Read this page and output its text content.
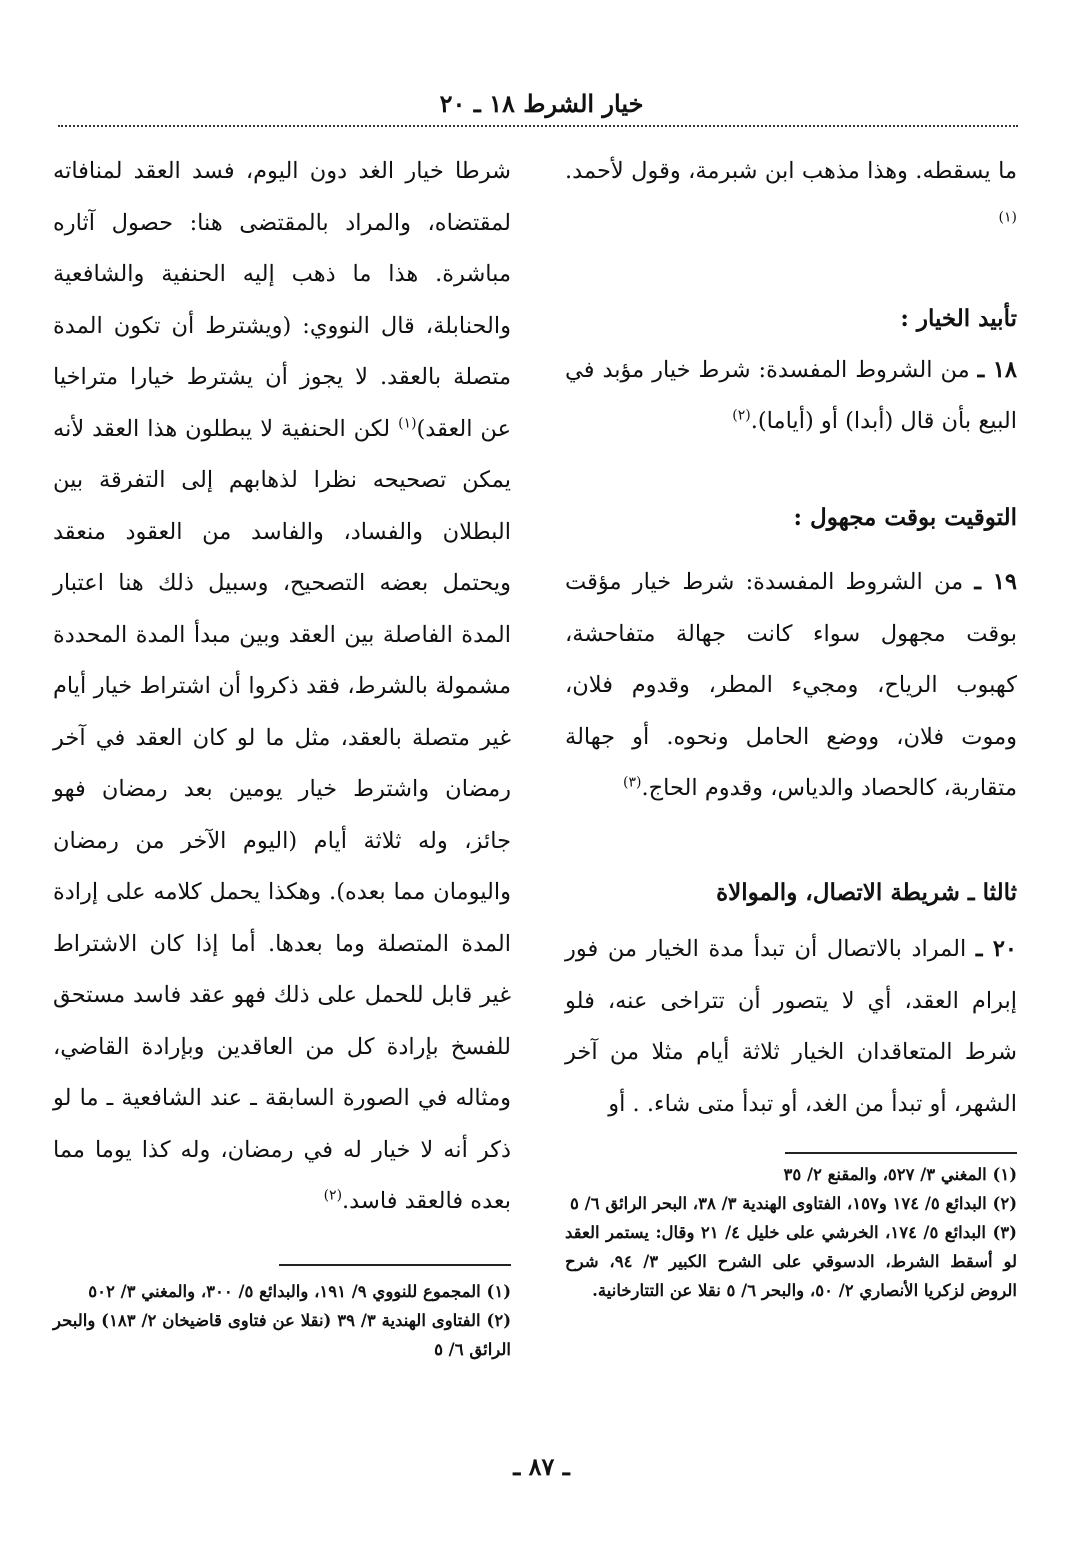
خيار الشرط ١٨ ـ ٢٠

ما يسقطه. وهذا مذهب ابن شبرمة، وقول لأحمد.$^{(١)}$

تأبيد الخيار :

١٨ ـ من الشروط المفسدة: شرط خيار مؤبد في البيع بأن قال (أبدا) أو (أياما).$^{(٢)}$

التوقيت بوقت مجهول :

١٩ ـ من الشروط المفسدة: شرط خيار مؤقت بوقت مجهول سواء كانت جهالة متفاحشة، كهبوب الرياح، ومجيء المطر، وقدوم فلان، وموت فلان، ووضع الحامل ونحوه. أو جهالة متقاربة، كالحصاد والدياس، وقدوم الحاج.$^{(٣)}$

ثالثا ـ شريطة الاتصال، والموالاة

٢٠ ـ المراد بالاتصال أن تبدأ مدة الخيار من فور إبرام العقد، أي لا يتصور أن تتراخى عنه، فلو شرط المتعاقدان الخيار ثلاثة أيام مثلا من آخر الشهر، أو تبدأ من الغد، أو تبدأ متى شاء. . أو

شرطا خيار الغد دون اليوم، فسد العقد لمنافاته لمقتضاه، والمراد بالمقتضى هنا: حصول آثاره مباشرة. هذا ما ذهب إليه الحنفية والشافعية والحنابلة، قال النووي: (ويشترط أن تكون المدة متصلة بالعقد. لا يجوز أن يشترط خيارا متراخيا عن العقد)$^{(١)}$ لكن الحنفية لا يبطلون هذا العقد لأنه يمكن تصحيحه نظرا لذهابهم إلى التفرقة بين البطلان والفساد، والفاسد من العقود منعقد ويحتمل بعضه التصحيح، وسبيل ذلك هنا اعتبار المدة الفاصلة بين العقد وبين مبدأ المدة المحددة مشمولة بالشرط، فقد ذكروا أن اشتراط خيار أيام غير متصلة بالعقد، مثل ما لو كان العقد في آخر رمضان واشترط خيار يومين بعد رمضان فهو جائز، وله ثلاثة أيام (اليوم الآخر من رمضان واليومان مما بعده). وهكذا يحمل كلامه على إرادة المدة المتصلة وما بعدها. أما إذا كان الاشتراط غير قابل للحمل على ذلك فهو عقد فاسد مستحق للفسخ بإرادة كل من العاقدين وبإرادة القاضي، ومثاله في الصورة السابقة ـ عند الشافعية ـ ما لو ذكر أنه لا خيار له في رمضان، وله كذا يوما مما بعده فالعقد فاسد.$^{(٢)}$

(١) المغني ٣/ ٥٢٧، والمقنع ٢/ ٣٥

(٢) البدائع ٥/ ١٧٤ و١٥٧، الفتاوى الهندية ٣/ ٣٨، البحر الرائق ٦/ ٥

(٣) البدائع ٥/ ١٧٤، الخرشي على خليل ٤/ ٢١ وقال: يستمر العقد لو أسقط الشرط، الدسوقي على الشرح الكبير ٣/ ٩٤، شرح الروض لزكريا الأنصاري ٢/ ٥٠، والبحر ٦/ ٥ نقلا عن التتارخانية.

(١) المجموع للنووي ٩/ ١٩١، والبدائع ٥/ ٣٠٠، والمغني ٣/ ٥٠٢

(٢) الفتاوى الهندية ٣/ ٣٩ (نقلا عن فتاوى قاضيخان ٢/ ١٨٣) والبحر الرائق ٦/ ٥

ـ ٨٧ ـ
